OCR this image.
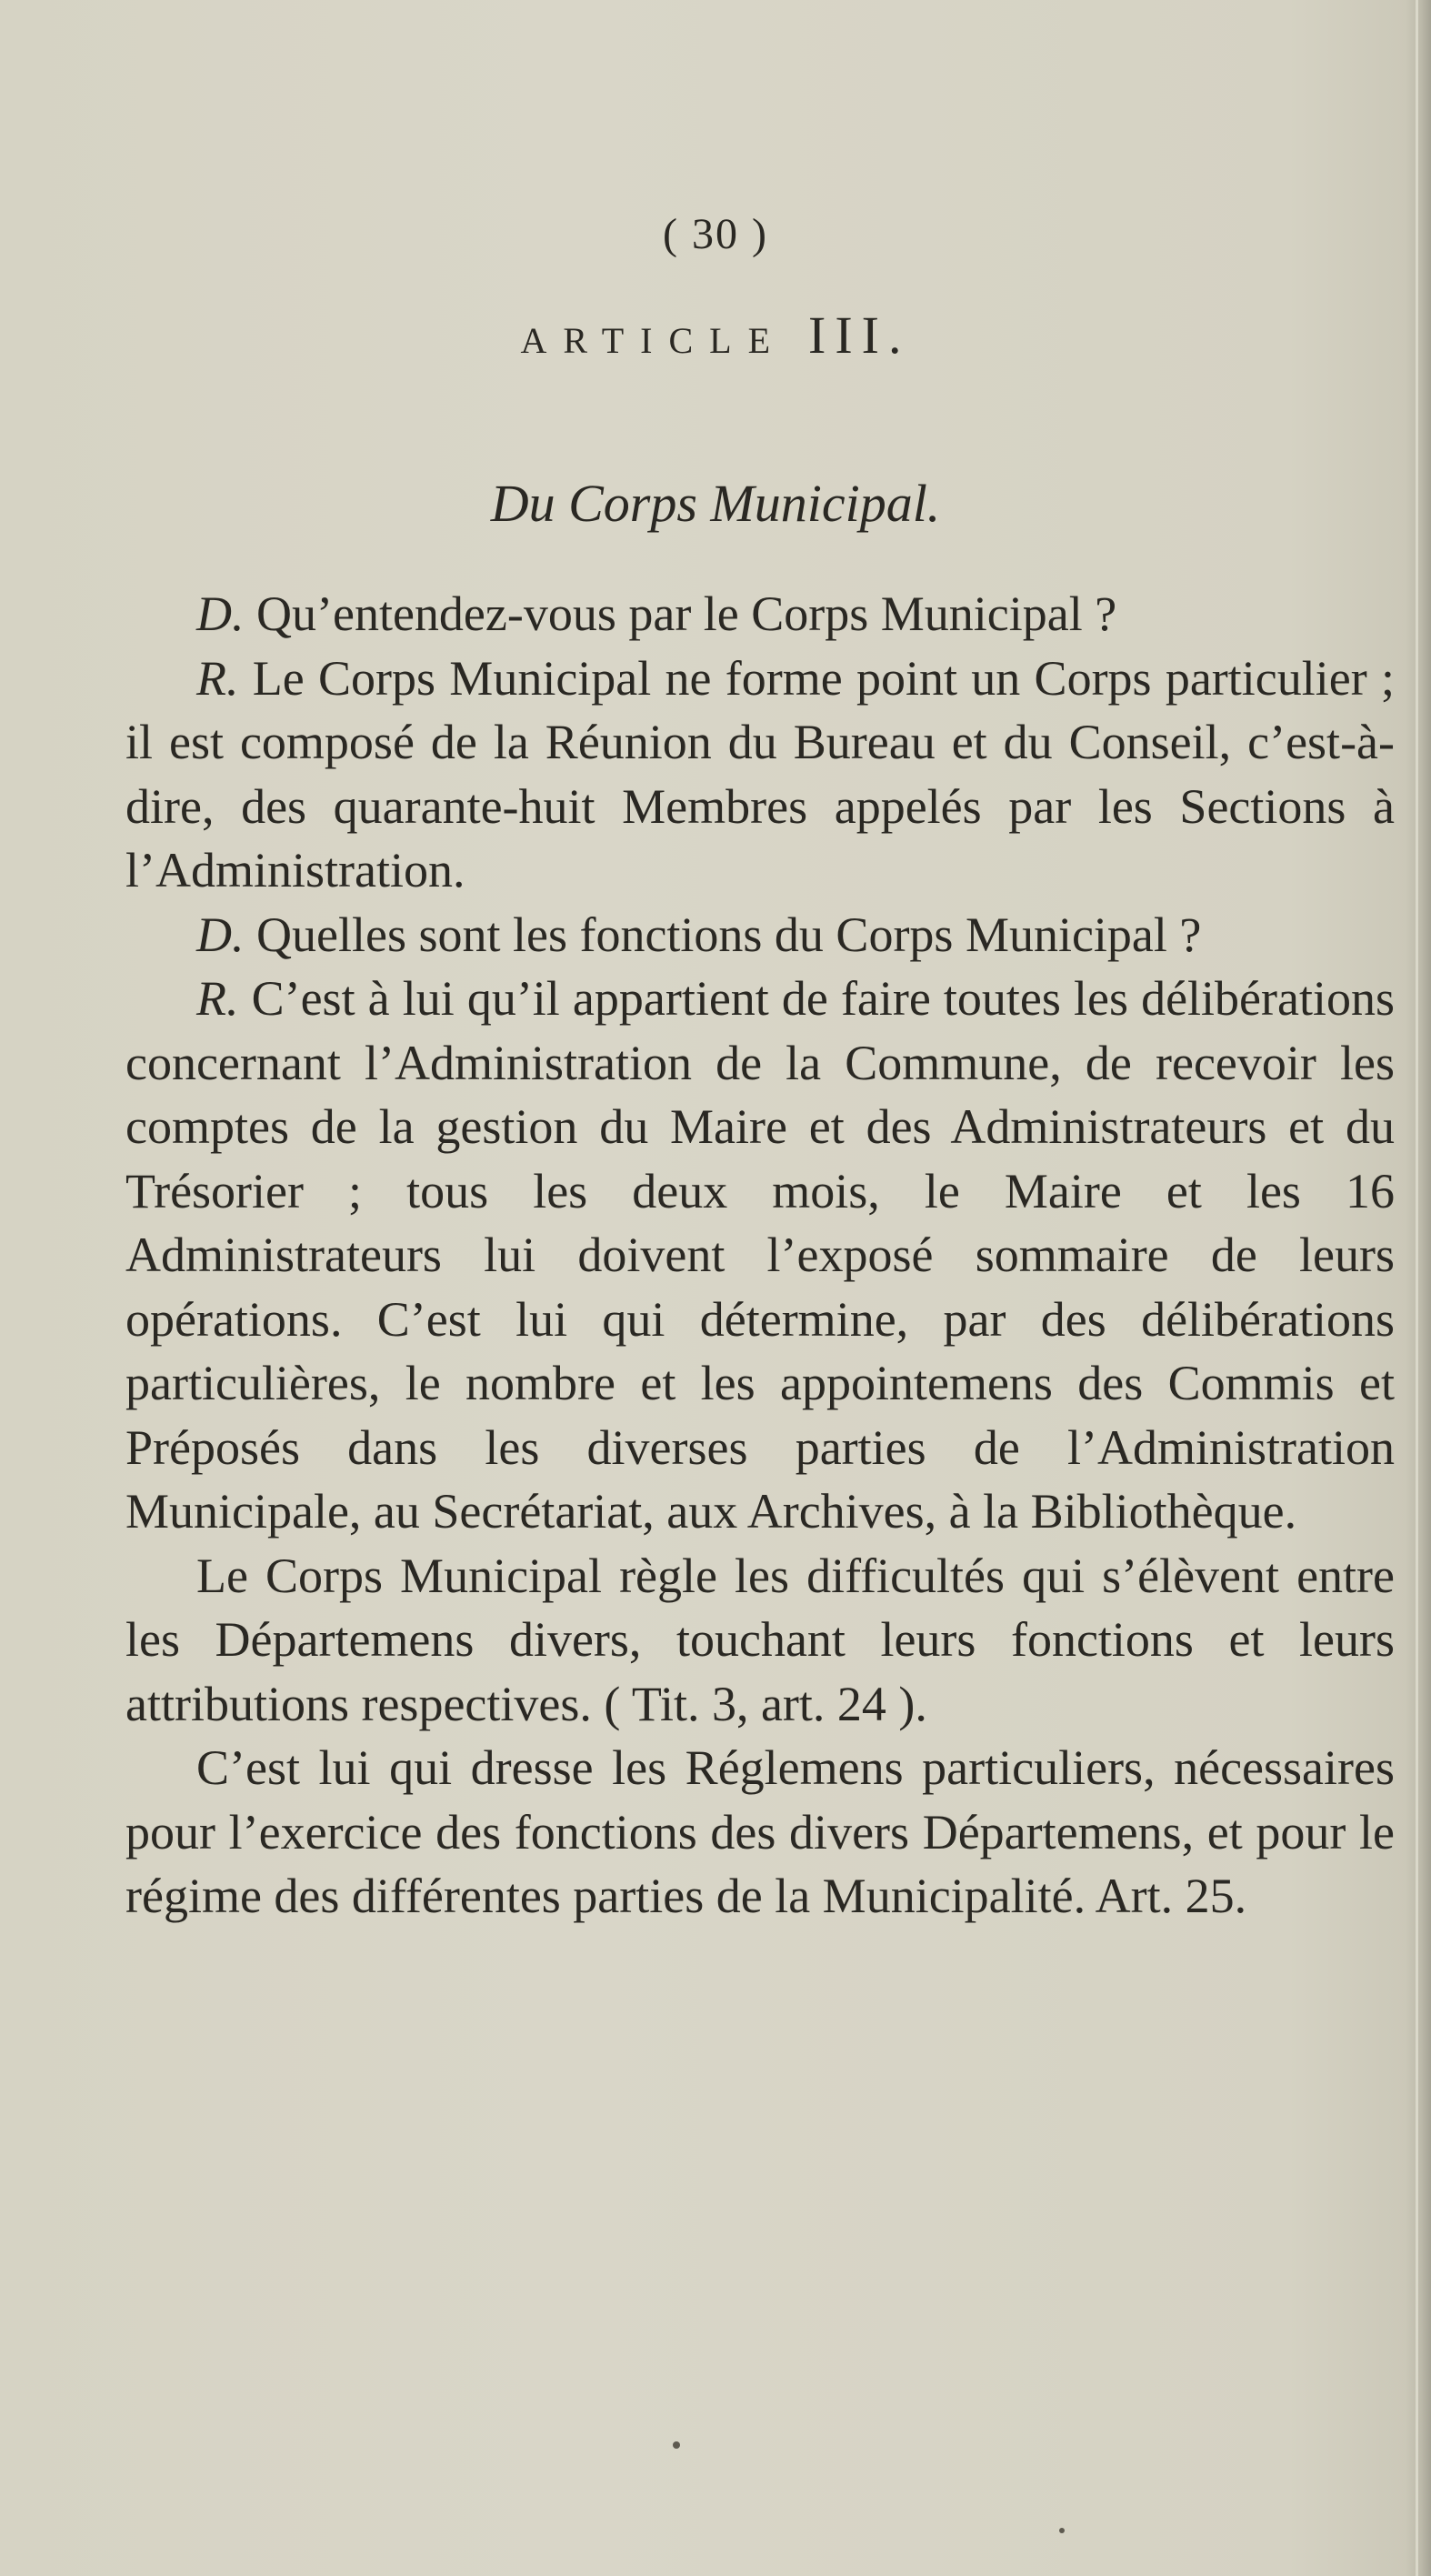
( 30 )
ARTICLE III.
Du Corps Municipal.

D. Qu’entendez-vous par le Corps Municipal ?

R. Le Corps Municipal ne forme point un Corps particulier ; il est composé de la Réunion du Bureau et du Conseil, c’est-à-dire, des quarante-huit Membres appelés par les Sections à l’Administration.

D. Quelles sont les fonctions du Corps Municipal ?

R. C’est à lui qu’il appartient de faire toutes les délibérations concernant l’Administration de la Commune, de recevoir les comptes de la gestion du Maire et des Administrateurs et du Trésorier ; tous les deux mois, le Maire et les 16 Administrateurs lui doivent l’exposé sommaire de leurs opérations. C’est lui qui détermine, par des délibérations particulières, le nombre et les appointemens des Commis et Préposés dans les diverses parties de l’Administration Municipale, au Secrétariat, aux Archives, à la Bibliothèque.

Le Corps Municipal règle les difficultés qui s’élèvent entre les Départemens divers, touchant leurs fonctions et leurs attributions respectives. ( Tit. 3, art. 24 ).

C’est lui qui dresse les Réglemens particuliers, nécessaires pour l’exercice des fonctions des divers Départemens, et pour le régime des différentes parties de la Municipalité. Art. 25.
